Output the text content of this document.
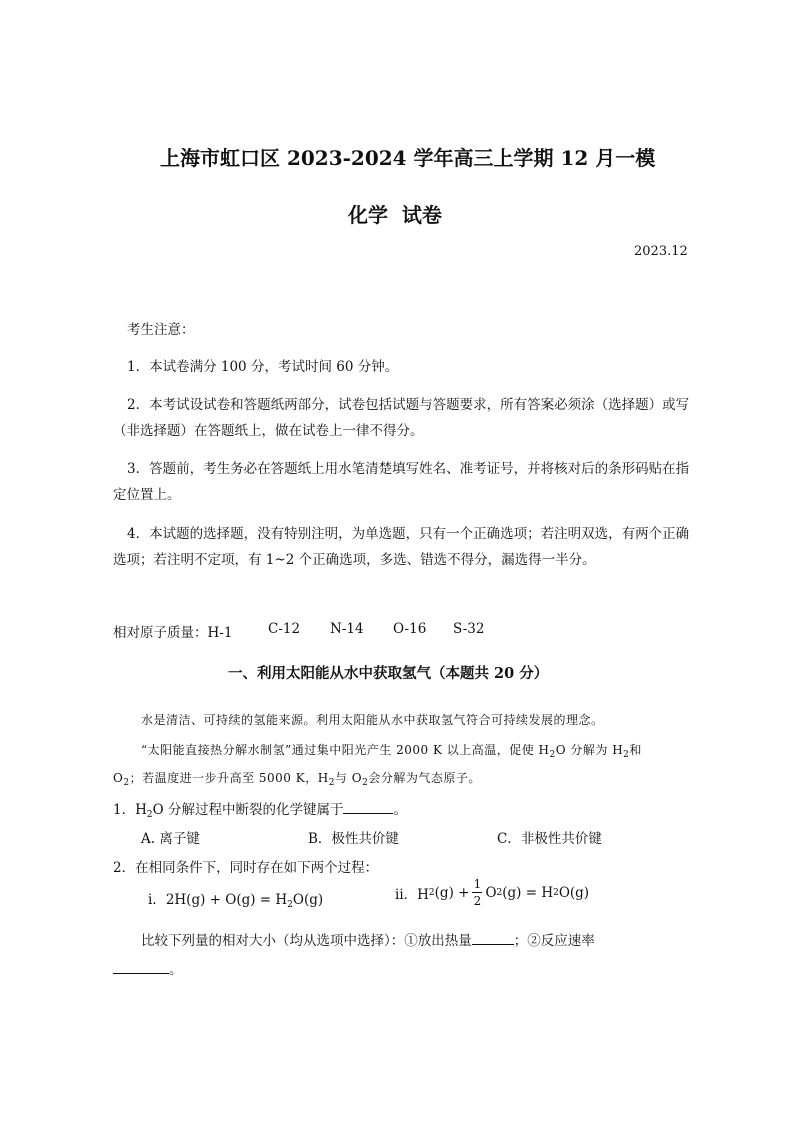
上海市虹口区 2023-2024 学年高三上学期 12 月一模
化学  试卷
2023.12
考生注意：
1．本试卷满分 100 分，考试时间 60 分钟。
2．本考试设试卷和答题纸两部分，试卷包括试题与答题要求，所有答案必须涂（选择题）或写（非选择题）在答题纸上，做在试卷上一律不得分。
3．答题前，考生务必在答题纸上用水笔清楚填写姓名、准考证号，并将核对后的条形码贴在指定位置上。
4．本试题的选择题，没有特别注明，为单选题，只有一个正确选项；若注明双选，有两个正确选项；若注明不定项，有 1~2 个正确选项，多选、错选不得分，漏选得一半分。
相对原子质量：H-1	C-12 N-14 O-16 S-32
一、利用太阳能从水中获取氢气（本题共 20 分）
水是清洁、可持续的氢能来源。利用太阳能从水中获取氢气符合可持续发展的理念。
“太阳能直接热分解水制氢”通过集中阳光产生 2000 K 以上高温，促使 $H_2O$ 分解为 $H_2$和
$O_2$；若温度进一步升高至 5000 K，$H_2$与 $O_2$会分解为气态原子。
1．$H_2O$ 分解过程中断裂的化学键属于	。
A. 离子键	B．极性共价键	C．非极性共价键
2．在相同条件下，同时存在如下两个过程：
ⅰ．$2H(g) + O(g) = H_2O(g)$	ⅱ．H 2 $(g) + \frac{1}{2}$ O 2 (g) = H 2 O(g)
比较下列量的相对大小（均从选项中选择）：①放出热量	；②反应速率
。
